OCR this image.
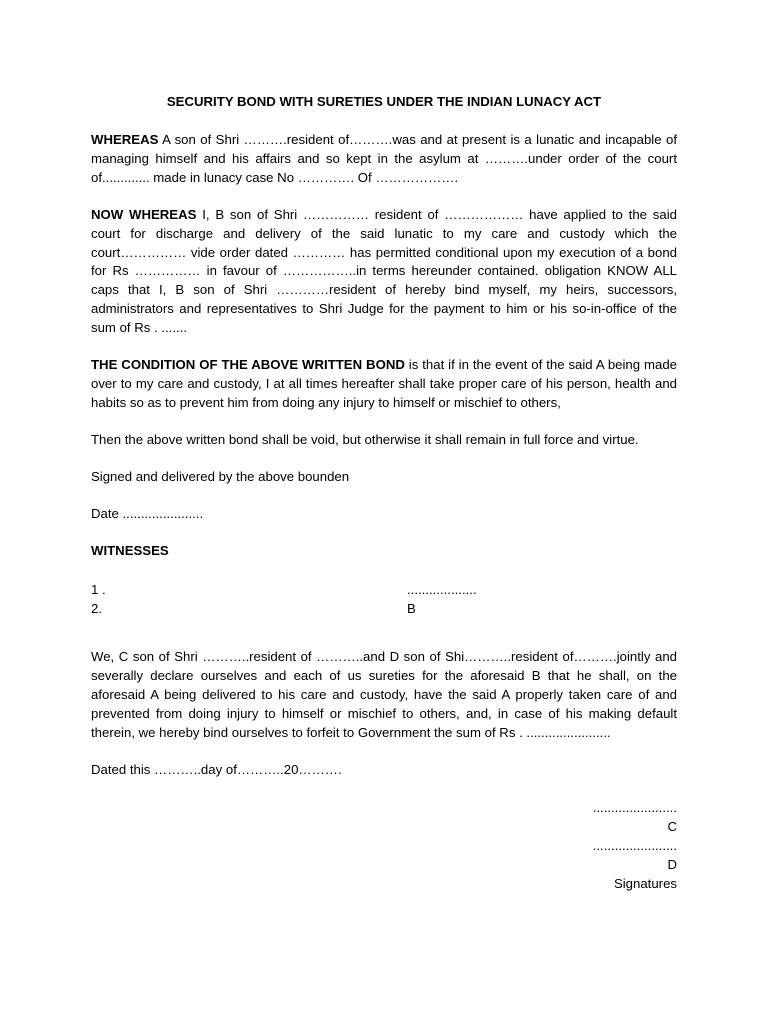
SECURITY BOND WITH SURETIES UNDER THE INDIAN LUNACY ACT

WHEREAS A son of Shri ……….resident of……….was and at present is a lunatic and incapable of managing himself and his affairs and so kept in the asylum at ……….under order of the court of............. made in lunacy case No …………. Of ……………….

NOW WHEREAS I, B son of Shri …………… resident of ……………… have applied to the said court for discharge and delivery of the said lunatic to my care and custody which the court…………… vide order dated ………… has permitted conditional upon my execution of a bond for Rs …………… in favour of ……………..in terms hereunder contained. obligation KNOW ALL caps that I, B son of Shri …………resident of hereby bind myself, my heirs, successors, administrators and representatives to Shri Judge for the payment to him or his so-in-office of the sum of Rs . .......

THE CONDITION OF THE ABOVE WRITTEN BOND is that if in the event of the said A being made over to my care and custody, I at all times hereafter shall take proper care of his person, health and habits so as to prevent him from doing any injury to himself or mischief to others,

Then the above written bond shall be void, but otherwise it shall remain in full force and virtue.

Signed and delivered by the above bounden

Date ......................

WITNESSES

1 .	...................
2.	B

We, C son of Shri ………..resident of ………..and D son of Shi………..resident of……….jointly and severally declare ourselves and each of us sureties for the aforesaid B that he shall, on the aforesaid A being delivered to his care and custody, have the said A properly taken care of and prevented from doing injury to himself or mischief to others, and, in case of his making default therein, we hereby bind ourselves to forfeit to Government the sum of Rs . .......................

Dated this ………..day of………..20……….

.......................
C
.......................
D
Signatures
